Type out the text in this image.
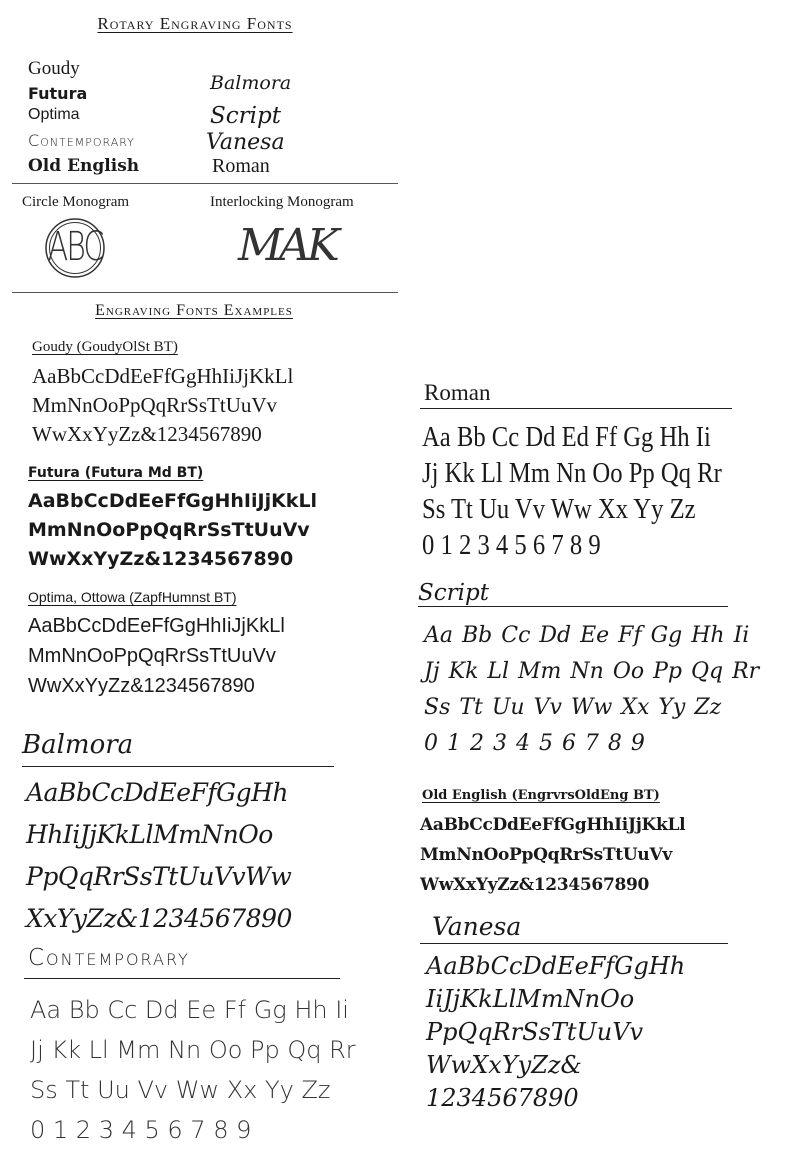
Rotary Engraving Fonts
Goudy
Futura
Optima
Contemporary
Old English
Balmora
Script
Vanesa
Roman
Circle Monogram	Interlocking Monogram
ABC	MAK
Engraving Fonts Examples
Goudy (GoudyOlSt BT)
AaBbCcDdEeFfGgHhIiJjKkLl
MmNnOoPpQqRrSsTtUuVv
WwXxYyZz&1234567890
Futura (Futura Md BT)
AaBbCcDdEeFfGgHhIiJjKkLl
MmNnOoPpQqRrSsTtUuVv
WwXxYyZz&1234567890
Optima, Ottowa (ZapfHumnst BT)
AaBbCcDdEeFfGgHhIiJjKkLl
MmNnOoPpQqRrSsTtUuVv
WwXxYyZz&1234567890
Balmora
AaBbCcDdEeFfGgHh
HhIiJjKkLlMmNnOo
PpQqRrSsTtUuVvWw
XxYyZz&1234567890
Contemporary
Aa Bb Cc Dd Ee Ff Gg Hh Ii
Jj Kk Ll Mm Nn Oo Pp Qq Rr
Ss Tt Uu Vv Ww Xx Yy Zz
0 1 2 3 4 5 6 7 8 9
Roman
Aa Bb Cc Dd Ed Ff Gg Hh Ii
Jj Kk Ll Mm Nn Oo Pp Qq Rr
Ss Tt Uu Vv Ww Xx Yy Zz
0 1 2 3 4 5 6 7 8 9
Script
Aa Bb Cc Dd Ee Ff Gg Hh Ii
Jj Kk Ll Mm Nn Oo Pp Qq Rr
Ss Tt Uu Vv Ww Xx Yy Zz
0 1 2 3 4 5 6 7 8 9
Old English (EngrvrsOldEng BT)
AaBbCcDdEeFfGgHhIiJjKkLl
MmNnOoPpQqRrSsTtUuVv
WwXxYyZz&1234567890
Vanesa
AaBbCcDdEeFfGgHh
IiJjKkLlMmNnOo
PpQqRrSsTtUuVv
WwXxYyZz&
1234567890
